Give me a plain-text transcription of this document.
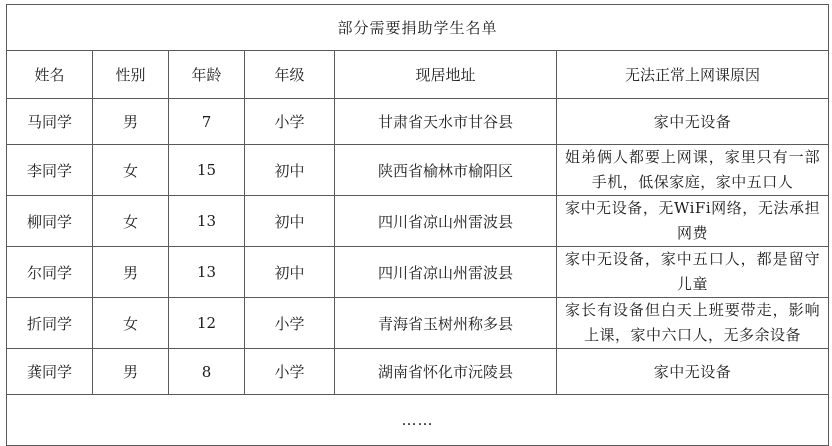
部分需要捐助学生名单					
姓名	性别	年龄	年级	现居地址	无法正常上网课原因
马同学	男	7	小学	甘肃省天水市甘谷县	家中无设备
李同学	女	15	初中	陕西省榆林市榆阳区	姐弟俩人都要上网课，家里只有一部手机，低保家庭，家中五口人
柳同学	女	13	初中	四川省凉山州雷波县	家中无设备，无WiFi网络，无法承担网费
尔同学	男	13	初中	四川省凉山州雷波县	家中无设备，家中五口人，都是留守儿童
折同学	女	12	小学	青海省玉树州称多县	家长有设备但白天上班要带走，影响上课，家中六口人，无多余设备
龚同学	男	8	小学	湖南省怀化市沅陵县	家中无设备
……					
